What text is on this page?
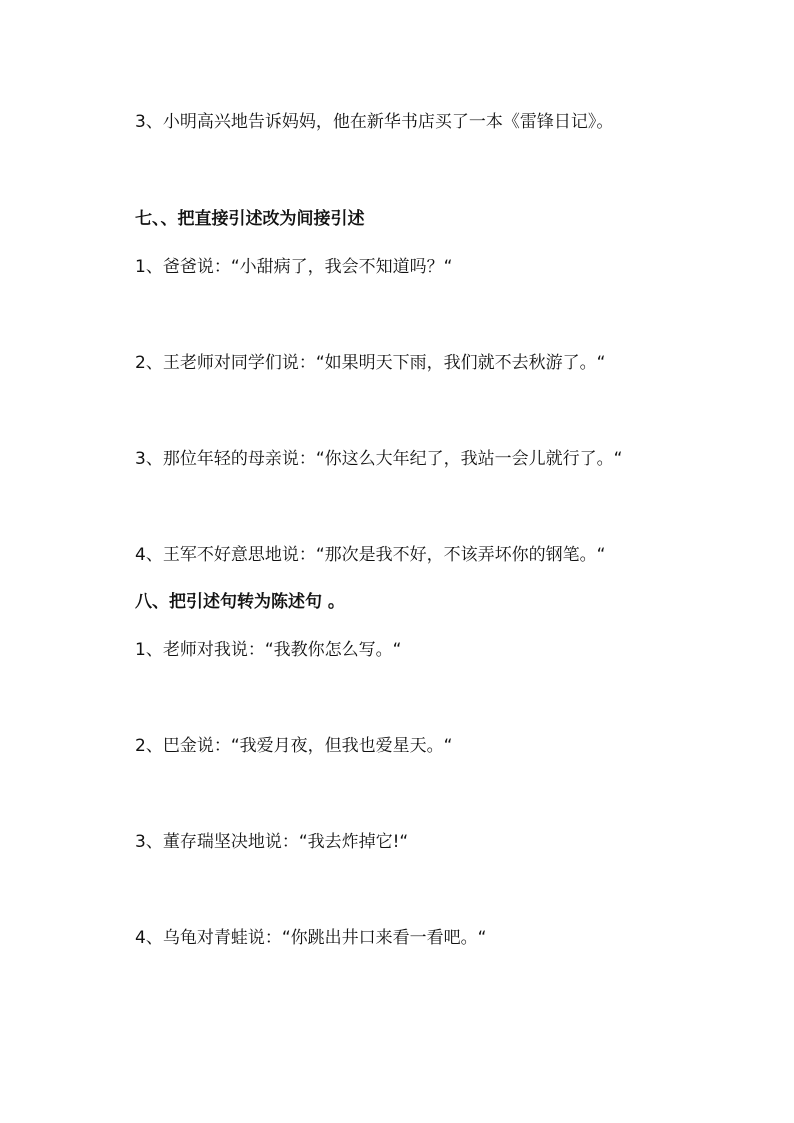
3、小明高兴地告诉妈妈，他在新华书店买了一本《雷锋日记》。
七、、把直接引述改为间接引述
1、爸爸说：“小甜病了，我会不知道吗？“
2、王老师对同学们说：“如果明天下雨，我们就不去秋游了。“
3、那位年轻的母亲说：“你这么大年纪了，我站一会儿就行了。“
4、王军不好意思地说：“那次是我不好，不该弄坏你的钢笔。“
八、把引述句转为陈述句 。
1、老师对我说：“我教你怎么写。“
2、巴金说：“我爱月夜，但我也爱星天。“
3、董存瑞坚决地说：“我去炸掉它!“
4、乌龟对青蛙说：“你跳出井口来看一看吧。“
